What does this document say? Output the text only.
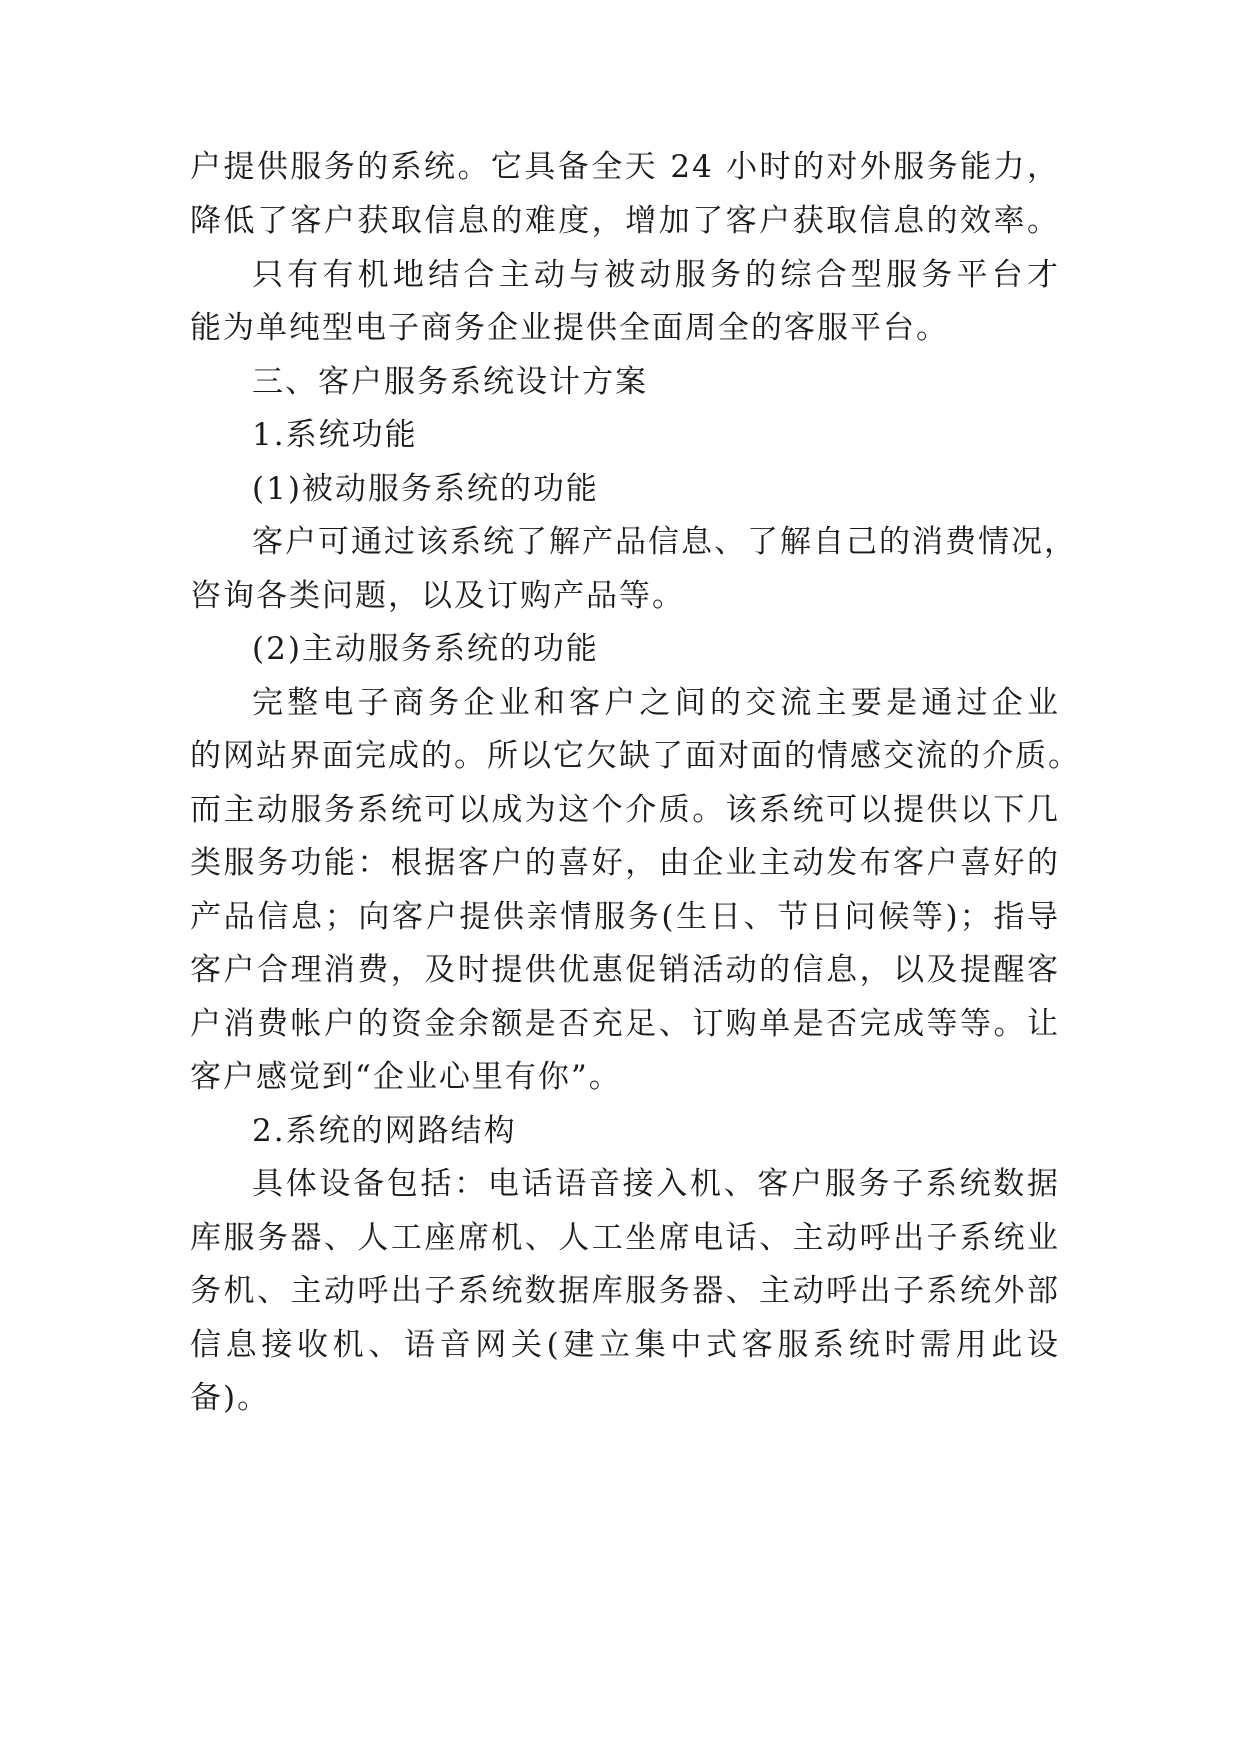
户提供服务的系统。它具备全天 24 小时的对外服务能力，
降低了客户获取信息的难度，增加了客户获取信息的效率。
只有有机地结合主动与被动服务的综合型服务平台才
能为单纯型电子商务企业提供全面周全的客服平台。
三、客户服务系统设计方案
1.系统功能
(1)被动服务系统的功能
客户可通过该系统了解产品信息、了解自己的消费情况，
咨询各类问题，以及订购产品等。
(2)主动服务系统的功能
完整电子商务企业和客户之间的交流主要是通过企业
的网站界面完成的。所以它欠缺了面对面的情感交流的介质。
而主动服务系统可以成为这个介质。该系统可以提供以下几
类服务功能：根据客户的喜好，由企业主动发布客户喜好的
产品信息；向客户提供亲情服务(生日、节日问候等)；指导
客户合理消费，及时提供优惠促销活动的信息，以及提醒客
户消费帐户的资金余额是否充足、订购单是否完成等等。让
客户感觉到“企业心里有你”。
2.系统的网路结构
具体设备包括：电话语音接入机、客户服务子系统数据
库服务器、人工座席机、人工坐席电话、主动呼出子系统业
务机、主动呼出子系统数据库服务器、主动呼出子系统外部
信息接收机、语音网关(建立集中式客服系统时需用此设
备)。
